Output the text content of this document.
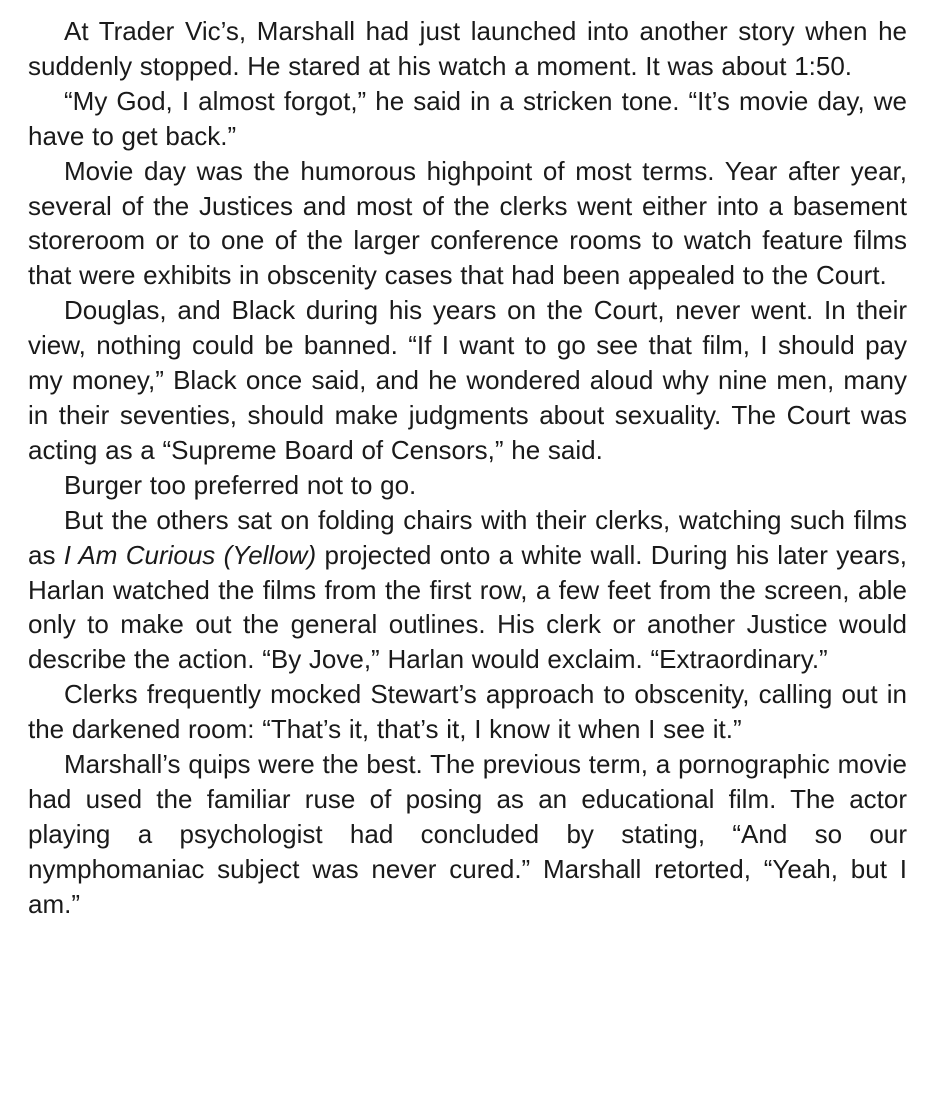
At Trader Vic’s, Marshall had just launched into another story when he suddenly stopped. He stared at his watch a moment. It was about 1:50.

“My God, I almost forgot,” he said in a stricken tone. “It’s movie day, we have to get back.”

Movie day was the humorous highpoint of most terms. Year after year, several of the Justices and most of the clerks went either into a basement storeroom or to one of the larger conference rooms to watch feature films that were exhibits in obscenity cases that had been appealed to the Court.

Douglas, and Black during his years on the Court, never went. In their view, nothing could be banned. “If I want to go see that film, I should pay my money,” Black once said, and he wondered aloud why nine men, many in their seventies, should make judgments about sexuality. The Court was acting as a “Supreme Board of Censors,” he said.

Burger too preferred not to go.

But the others sat on folding chairs with their clerks, watching such films as I Am Curious (Yellow) projected onto a white wall. During his later years, Harlan watched the films from the first row, a few feet from the screen, able only to make out the general outlines. His clerk or another Justice would describe the action. “By Jove,” Harlan would exclaim. “Extraordinary.”

Clerks frequently mocked Stewart’s approach to obscenity, calling out in the darkened room: “That’s it, that’s it, I know it when I see it.”

Marshall’s quips were the best. The previous term, a pornographic movie had used the familiar ruse of posing as an educational film. The actor playing a psychologist had concluded by stating, “And so our nymphomaniac subject was never cured.” Marshall retorted, “Yeah, but I am.”
